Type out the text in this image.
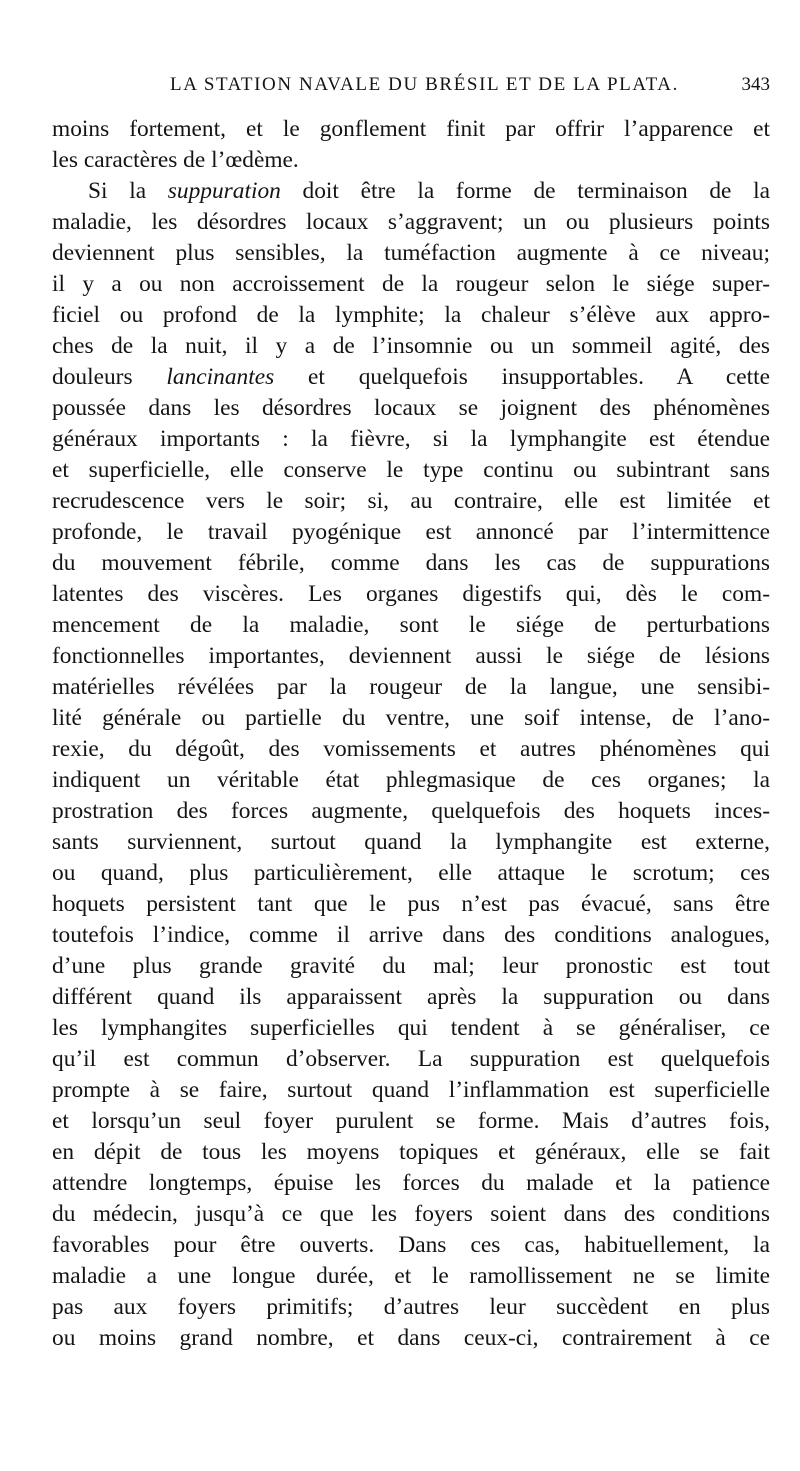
LA STATION NAVALE DU BRÉSIL ET DE LA PLATA.	343
moins fortement, et le gonflement finit par offrir l’apparence et
les caractères de l’œdème.
Si la suppuration doit être la forme de terminaison de la
maladie, les désordres locaux s’aggravent; un ou plusieurs points
deviennent plus sensibles, la tuméfaction augmente à ce niveau;
il y a ou non accroissement de la rougeur selon le siége super-
ficiel ou profond de la lymphite; la chaleur s’élève aux appro-
ches de la nuit, il y a de l’insomnie ou un sommeil agité, des
douleurs lancinantes et quelquefois insupportables. A cette
poussée dans les désordres locaux se joignent des phénomènes
généraux importants : la fièvre, si la lymphangite est étendue
et superficielle, elle conserve le type continu ou subintrant sans
recrudescence vers le soir; si, au contraire, elle est limitée et
profonde, le travail pyogénique est annoncé par l’intermittence
du mouvement fébrile, comme dans les cas de suppurations
latentes des viscères. Les organes digestifs qui, dès le com-
mencement de la maladie, sont le siége de perturbations
fonctionnelles importantes, deviennent aussi le siége de lésions
matérielles révélées par la rougeur de la langue, une sensibi-
lité générale ou partielle du ventre, une soif intense, de l’ano-
rexie, du dégoût, des vomissements et autres phénomènes qui
indiquent un véritable état phlegmasique de ces organes; la
prostration des forces augmente, quelquefois des hoquets inces-
sants surviennent, surtout quand la lymphangite est externe,
ou quand, plus particulièrement, elle attaque le scrotum; ces
hoquets persistent tant que le pus n’est pas évacué, sans être
toutefois l’indice, comme il arrive dans des conditions analogues,
d’une plus grande gravité du mal; leur pronostic est tout
différent quand ils apparaissent après la suppuration ou dans
les lymphangites superficielles qui tendent à se généraliser, ce
qu’il est commun d’observer. La suppuration est quelquefois
prompte à se faire, surtout quand l’inflammation est superficielle
et lorsqu’un seul foyer purulent se forme. Mais d’autres fois,
en dépit de tous les moyens topiques et généraux, elle se fait
attendre longtemps, épuise les forces du malade et la patience
du médecin, jusqu’à ce que les foyers soient dans des conditions
favorables pour être ouverts. Dans ces cas, habituellement, la
maladie a une longue durée, et le ramollissement ne se limite
pas aux foyers primitifs; d’autres leur succèdent en plus
ou moins grand nombre, et dans ceux-ci, contrairement à ce
